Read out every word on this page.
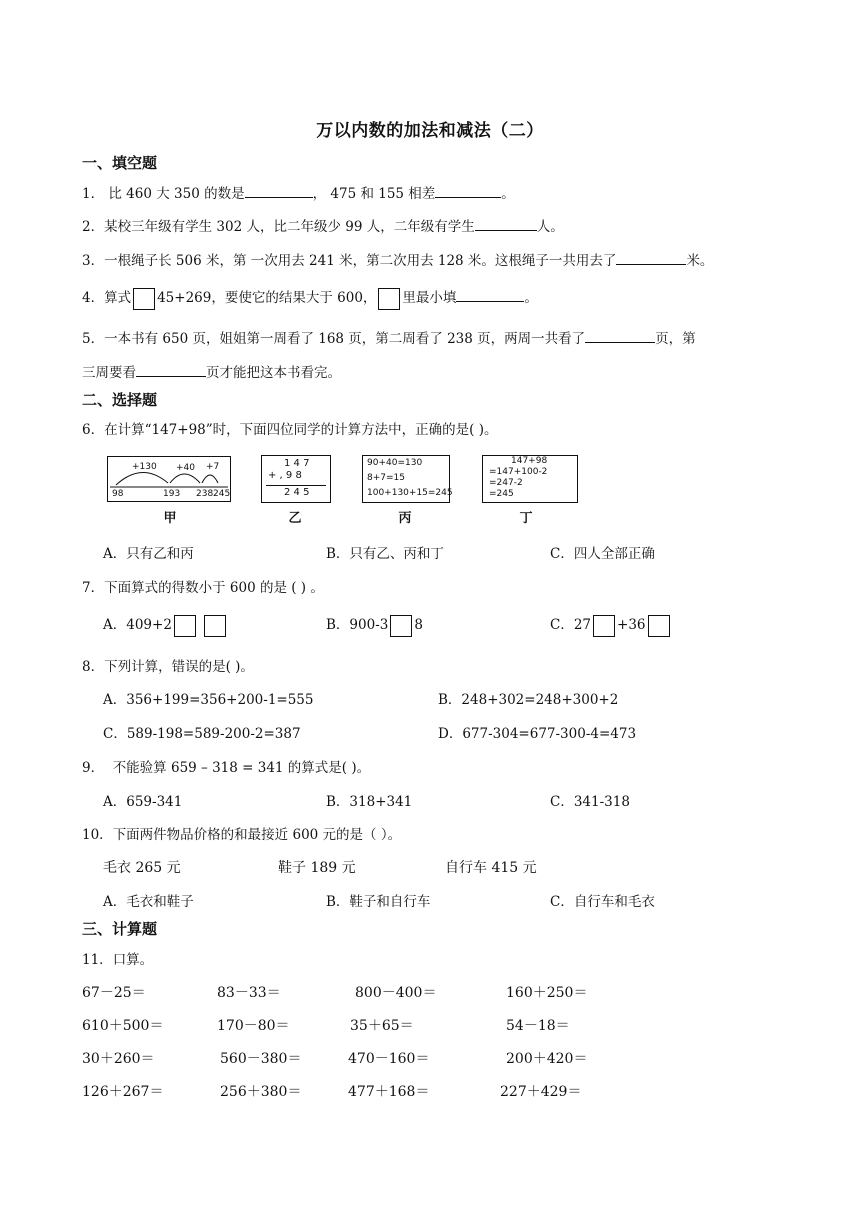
万以内数的加法和减法（二）
一、填空题
1． 比 460 大 350 的数是	， 475 和 155 相差	。
2．某校三年级有学生 302 人，比二年级少 99 人，二年级有学生	人。
3．一根绳子长 506 米，第 一次用去 241 米，第二次用去 128 米。这根绳子一共用去了	米。
4．算式 45+269，要使它的结果大于 600， 里最小填	。
5．一本书有 650 页，姐姐第一周看了 168 页，第二周看了 238 页，两周一共看了	页，第
三周要看	页才能把这本书看完。
二、选择题
6．在计算“147+98”时，下面四位同学的计算方法中，正确的是( )。
+130 +40 +7
98	193 238 245
甲
1 4 7
+ , 9 8
2 4 5
乙
90+40=130
8+7=15
100+130+15=245
丙
147+98
=147+100-2
=247-2
=245
丁
A．只有乙和丙	B．只有乙、丙和丁	C．四人全部正确
7．下面算式的得数小于 600 的是 ( ) 。
A．409+2	B．900-3 8	C．27 +36
8．下列计算，错误的是( )。
A．356+199=356+200-1=555	B．248+302=248+300+2
C．589-198=589-200-2=387	D．677-304=677-300-4=473
9． 不能验算 659 – 318 = 341 的算式是( )。
A．659-341	B．318+341	C．341-318
10．下面两件物品价格的和最接近 600 元的是（ ）。
毛衣 265 元	鞋子 189 元	自行车 415 元
A．毛衣和鞋子	B．鞋子和自行车	C．自行车和毛衣
三、计算题
11．口算。
67－25＝	83－33＝	800－400＝	160＋250＝
610＋500＝	170－80＝	35＋65＝	54－18＝
30＋260＝	560－380＝	470－160＝	200＋420＝
126＋267＝	256＋380＝	477＋168＝	227＋429＝
